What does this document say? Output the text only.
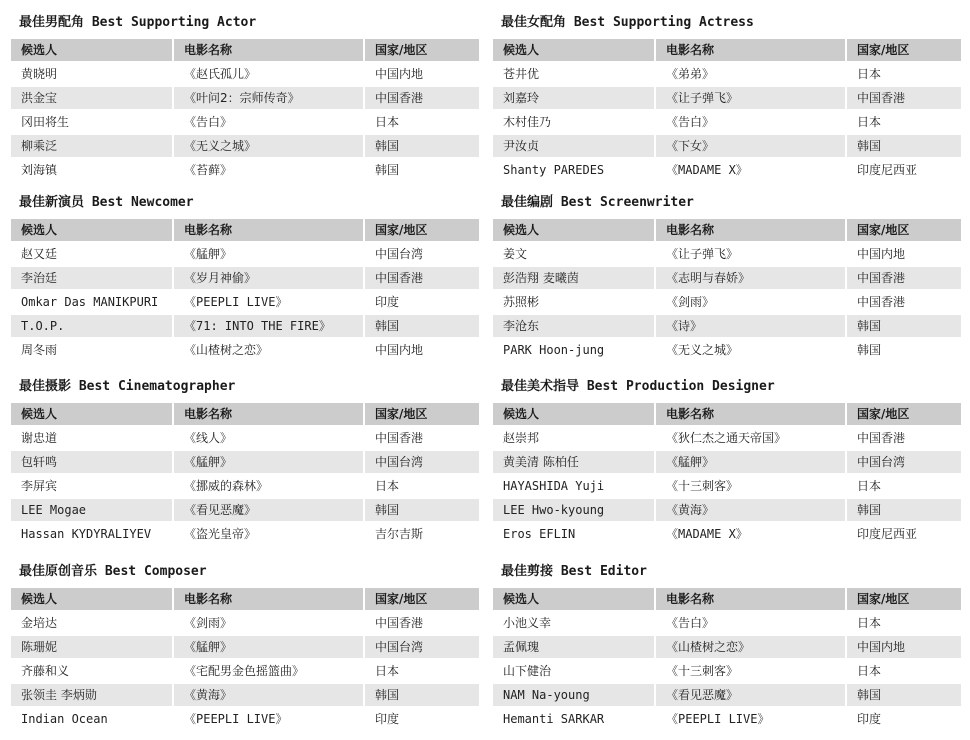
最佳男配角 Best Supporting Actor
候选人	电影名称	国家/地区
黄晓明	《赵氏孤儿》	中国内地
洪金宝	《叶问2：宗师传奇》	中国香港
冈田将生	《告白》	日本
柳乘泛	《无义之城》	韩国
刘海镇	《苔藓》	韩国
最佳女配角 Best Supporting Actress
候选人	电影名称	国家/地区
苍井优	《弟弟》	日本
刘嘉玲	《让子弹飞》	中国香港
木村佳乃	《告白》	日本
尹汝贞	《下女》	韩国
Shanty PAREDES	《MADAME X》	印度尼西亚
最佳新演员 Best Newcomer
候选人	电影名称	国家/地区
赵又廷	《艋舺》	中国台湾
李治廷	《岁月神偷》	中国香港
Omkar Das MANIKPURI	《PEEPLI LIVE》	印度
T.O.P.	《71: INTO THE FIRE》	韩国
周冬雨	《山楂树之恋》	中国内地
最佳编剧 Best Screenwriter
候选人	电影名称	国家/地区
姜文	《让子弹飞》	中国内地
彭浩翔 麦曦茵	《志明与春娇》	中国香港
苏照彬	《剑雨》	中国香港
李沧东	《诗》	韩国
PARK Hoon-jung	《无义之城》	韩国
最佳摄影 Best Cinematographer
候选人	电影名称	国家/地区
谢忠道	《线人》	中国香港
包轩鸣	《艋舺》	中国台湾
李屏宾	《挪威的森林》	日本
LEE Mogae	《看见恶魔》	韩国
Hassan KYDYRALIYEV	《盗光皇帝》	吉尔吉斯
最佳美术指导 Best Production Designer
候选人	电影名称	国家/地区
赵崇邦	《狄仁杰之通天帝国》	中国香港
黄美清 陈柏任	《艋舺》	中国台湾
HAYASHIDA Yuji	《十三刺客》	日本
LEE Hwo-kyoung	《黄海》	韩国
Eros EFLIN	《MADAME X》	印度尼西亚
最佳原创音乐 Best Composer
候选人	电影名称	国家/地区
金培达	《剑雨》	中国香港
陈珊妮	《艋舺》	中国台湾
齐藤和义	《宅配男金色摇篮曲》	日本
张领圭 李炳勋	《黄海》	韩国
Indian Ocean	《PEEPLI LIVE》	印度
最佳剪接 Best Editor
候选人	电影名称	国家/地区
小池义幸	《告白》	日本
孟佩瑰	《山楂树之恋》	中国内地
山下健治	《十三刺客》	日本
NAM Na-young	《看见恶魔》	韩国
Hemanti SARKAR	《PEEPLI LIVE》	印度
